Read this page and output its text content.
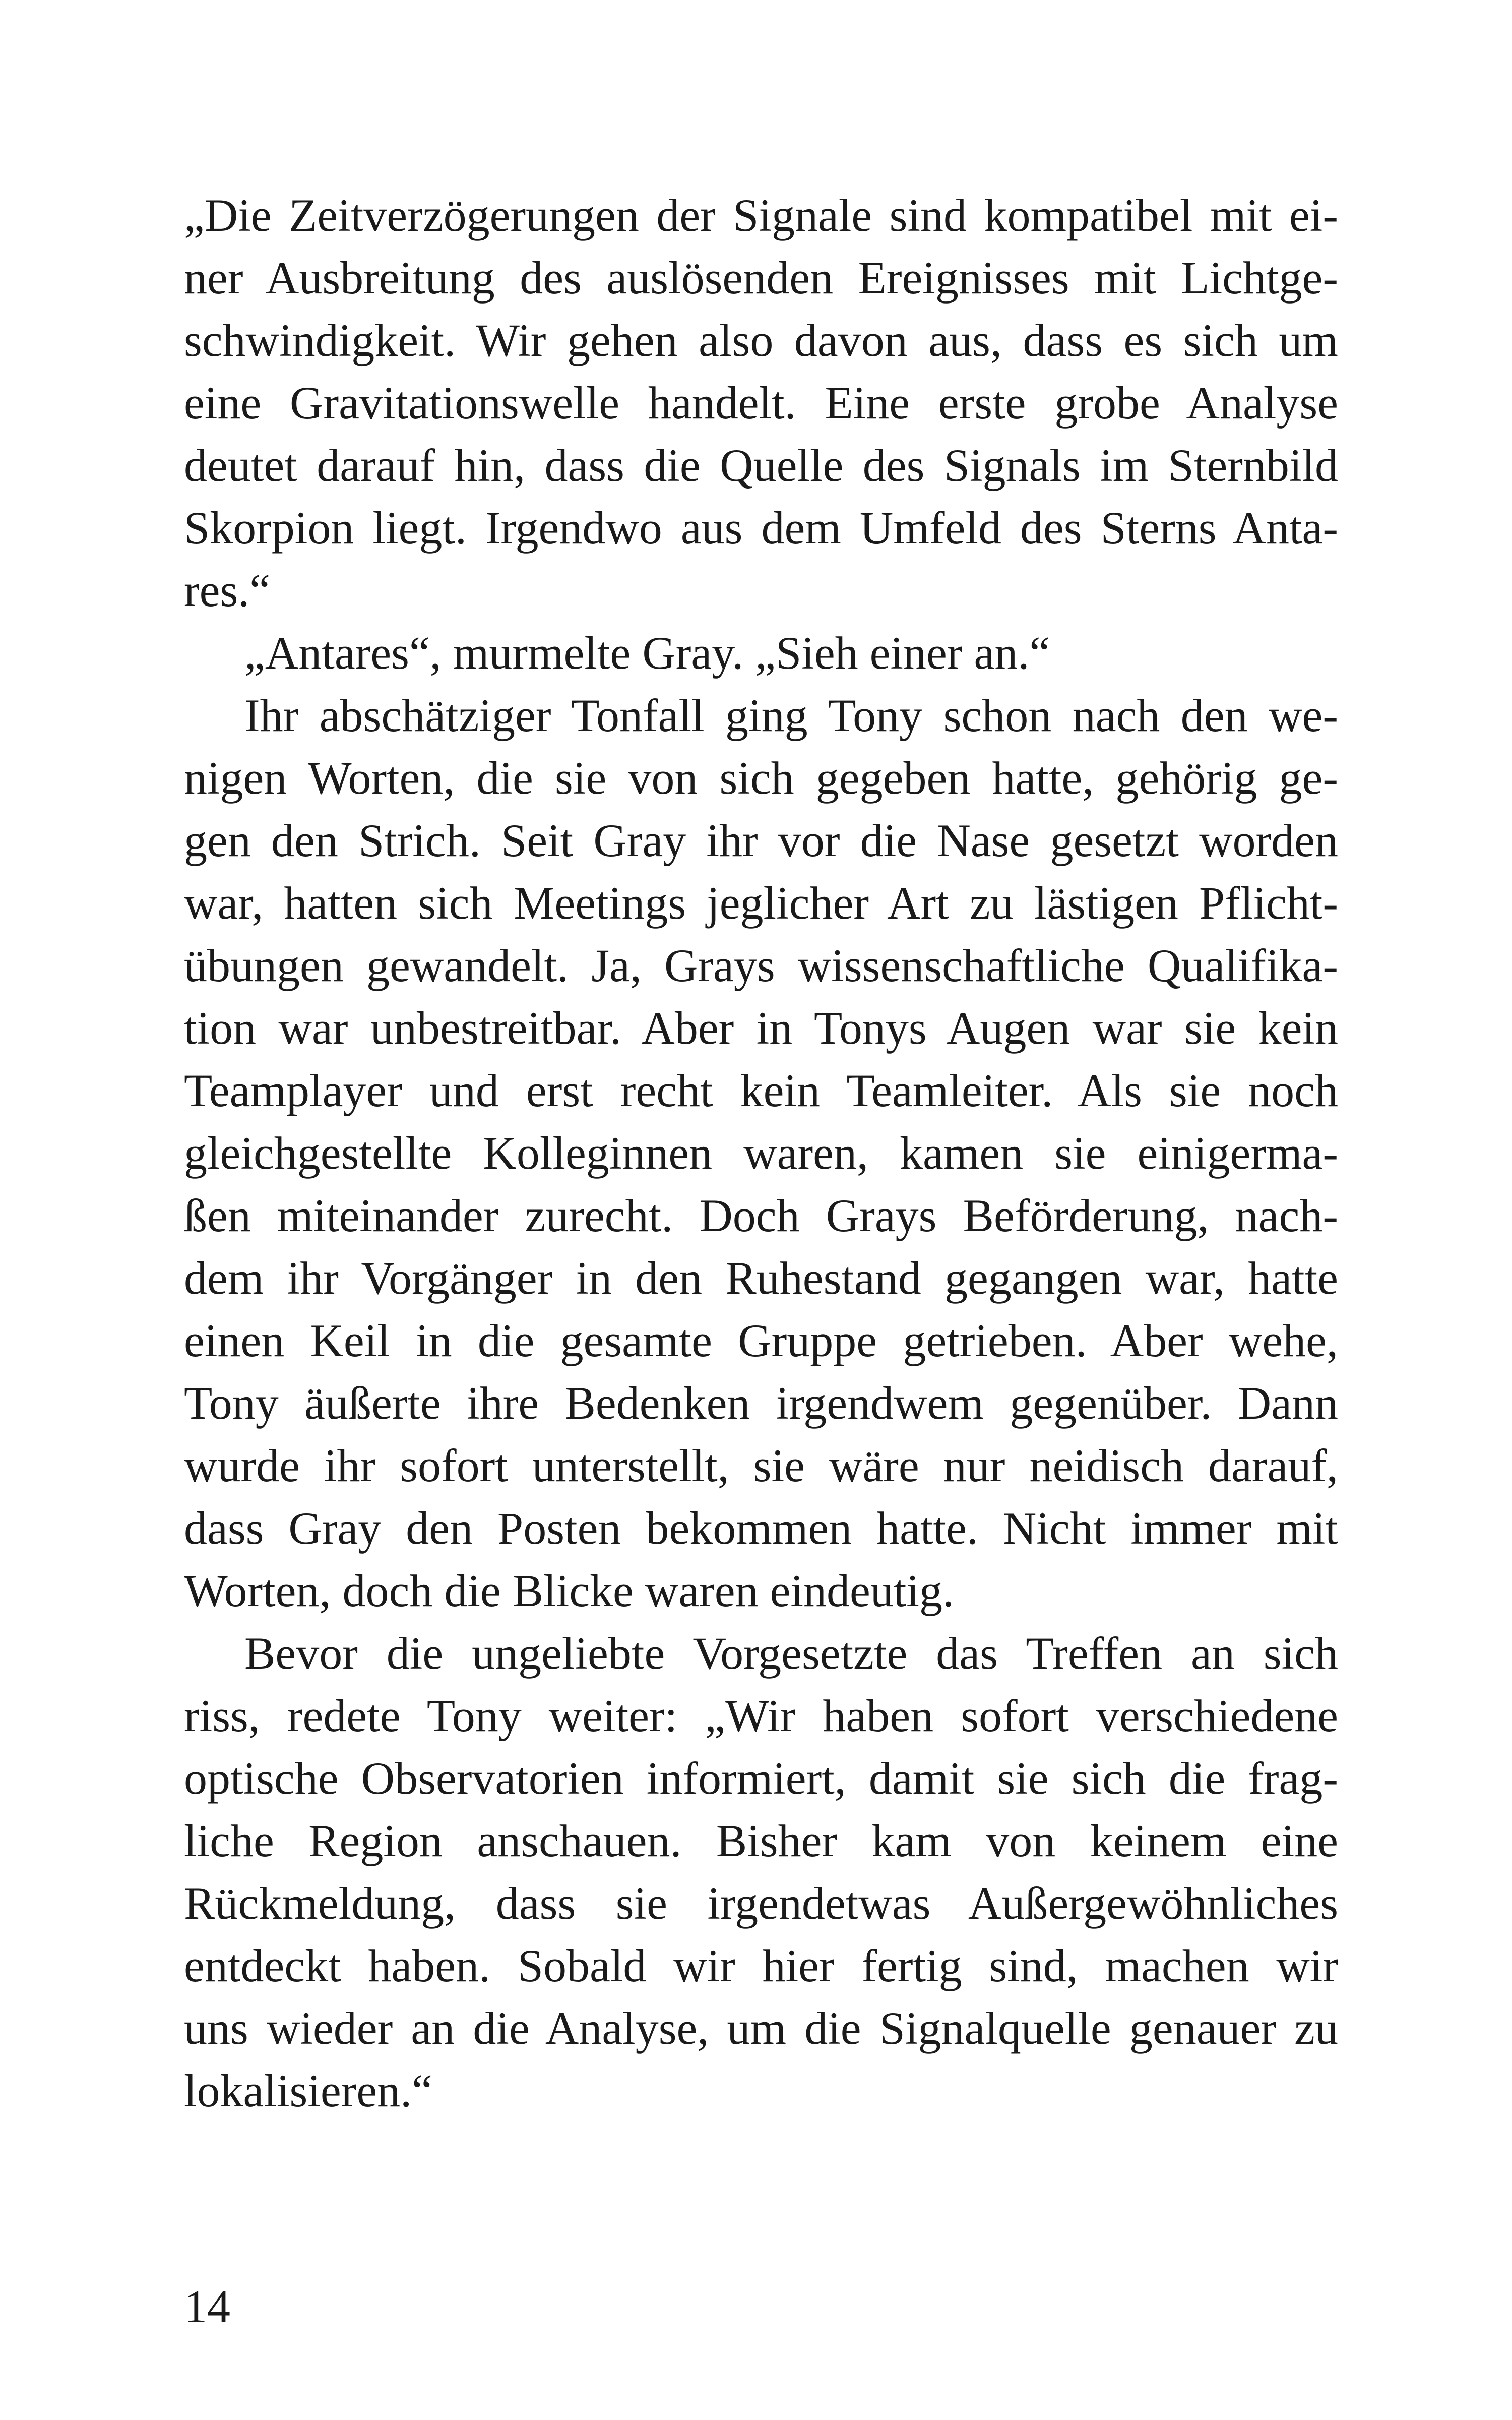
„Die Zeitverzögerungen der Signale sind kompatibel mit ei-
ner Ausbreitung des auslösenden Ereignisses mit Lichtge-
schwindigkeit. Wir gehen also davon aus, dass es sich um
eine Gravitationswelle handelt. Eine erste grobe Analyse
deutet darauf hin, dass die Quelle des Signals im Sternbild
Skorpion liegt. Irgendwo aus dem Umfeld des Sterns Anta-
res.“
„Antares“, murmelte Gray. „Sieh einer an.“
Ihr abschätziger Tonfall ging Tony schon nach den we-
nigen Worten, die sie von sich gegeben hatte, gehörig ge-
gen den Strich. Seit Gray ihr vor die Nase gesetzt worden
war, hatten sich Meetings jeglicher Art zu lästigen Pflicht-
übungen gewandelt. Ja, Grays wissenschaftliche Qualifika-
tion war unbestreitbar. Aber in Tonys Augen war sie kein
Teamplayer und erst recht kein Teamleiter. Als sie noch
gleichgestellte Kolleginnen waren, kamen sie einigerma-
ßen miteinander zurecht. Doch Grays Beförderung, nach-
dem ihr Vorgänger in den Ruhestand gegangen war, hatte
einen Keil in die gesamte Gruppe getrieben. Aber wehe,
Tony äußerte ihre Bedenken irgendwem gegenüber. Dann
wurde ihr sofort unterstellt, sie wäre nur neidisch darauf,
dass Gray den Posten bekommen hatte. Nicht immer mit
Worten, doch die Blicke waren eindeutig.
Bevor die ungeliebte Vorgesetzte das Treffen an sich
riss, redete Tony weiter: „Wir haben sofort verschiedene
optische Observatorien informiert, damit sie sich die frag-
liche Region anschauen. Bisher kam von keinem eine
Rückmeldung, dass sie irgendetwas Außergewöhnliches
entdeckt haben. Sobald wir hier fertig sind, machen wir
uns wieder an die Analyse, um die Signalquelle genauer zu
lokalisieren.“
14
